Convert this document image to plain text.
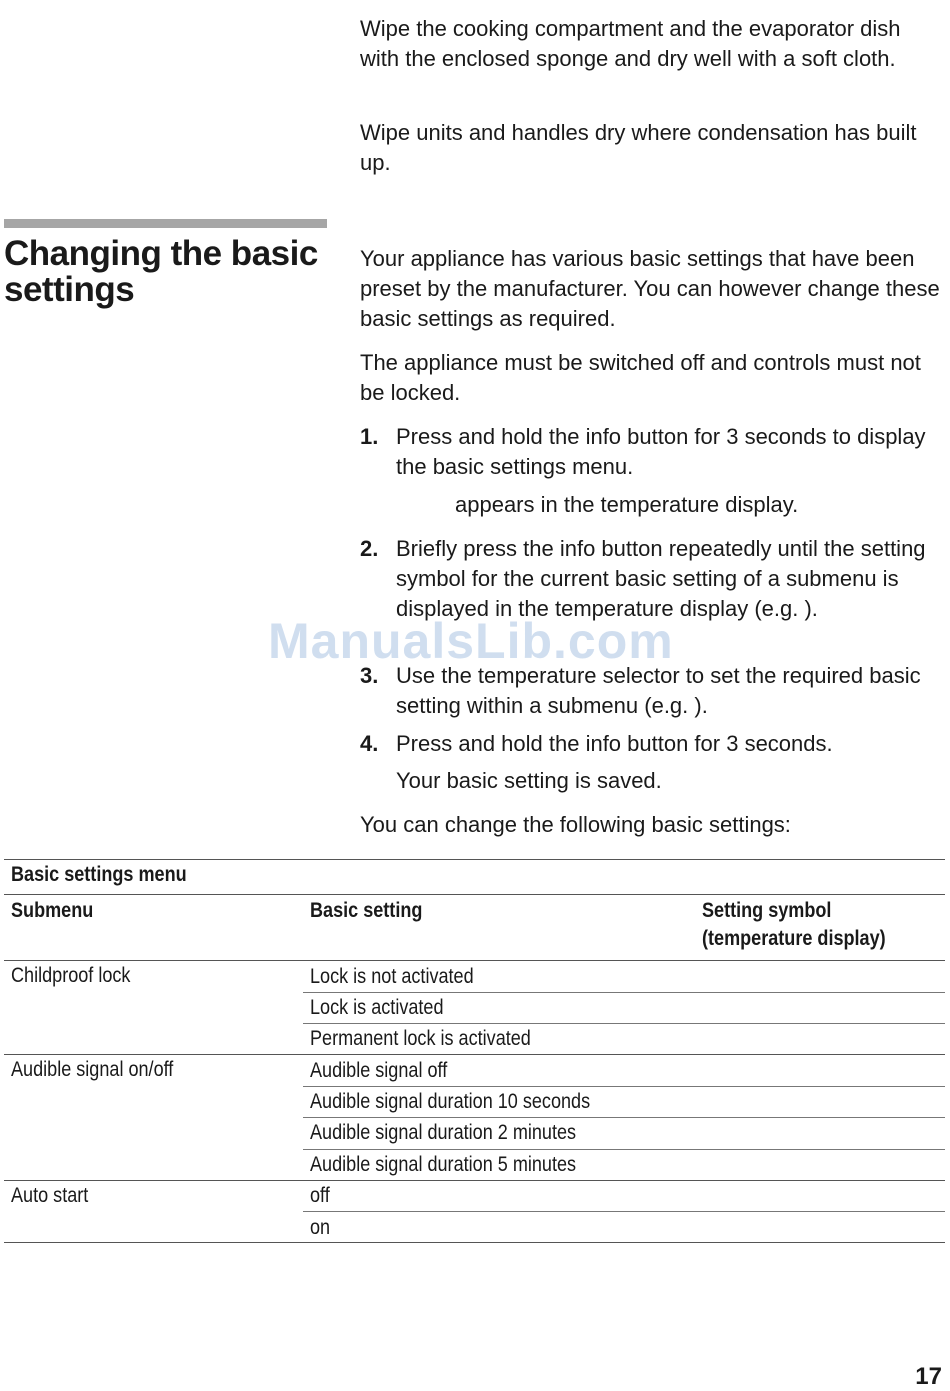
Wipe the cooking compartment and the evaporator dish with the enclosed sponge and dry well with a soft cloth.

Wipe units and handles dry where condensation has built up.

Changing the basic settings

Your appliance has various basic settings that have been preset by the manufacturer. You can however change these basic settings as required.

The appliance must be switched off and controls must not be locked.

1. Press and hold the info button for 3 seconds to display the basic settings menu.

appears in the temperature display.

2. Briefly press the info button repeatedly until the setting symbol for the current basic setting of a submenu is displayed in the temperature display (e.g. ).

3. Use the temperature selector to set the required basic setting within a submenu (e.g. ).

4. Press and hold the info button for 3 seconds.

Your basic setting is saved.

You can change the following basic settings:

ManualsLib.com
Basic settings menu
Submenu	Basic setting	Setting symbol
(temperature display)
Childproof lock	Lock is not activated
Lock is activated
Permanent lock is activated
Audible signal on/off	Audible signal off
Audible signal duration 10 seconds
Audible signal duration 2 minutes
Audible signal duration 5 minutes
Auto start	off
on
17
